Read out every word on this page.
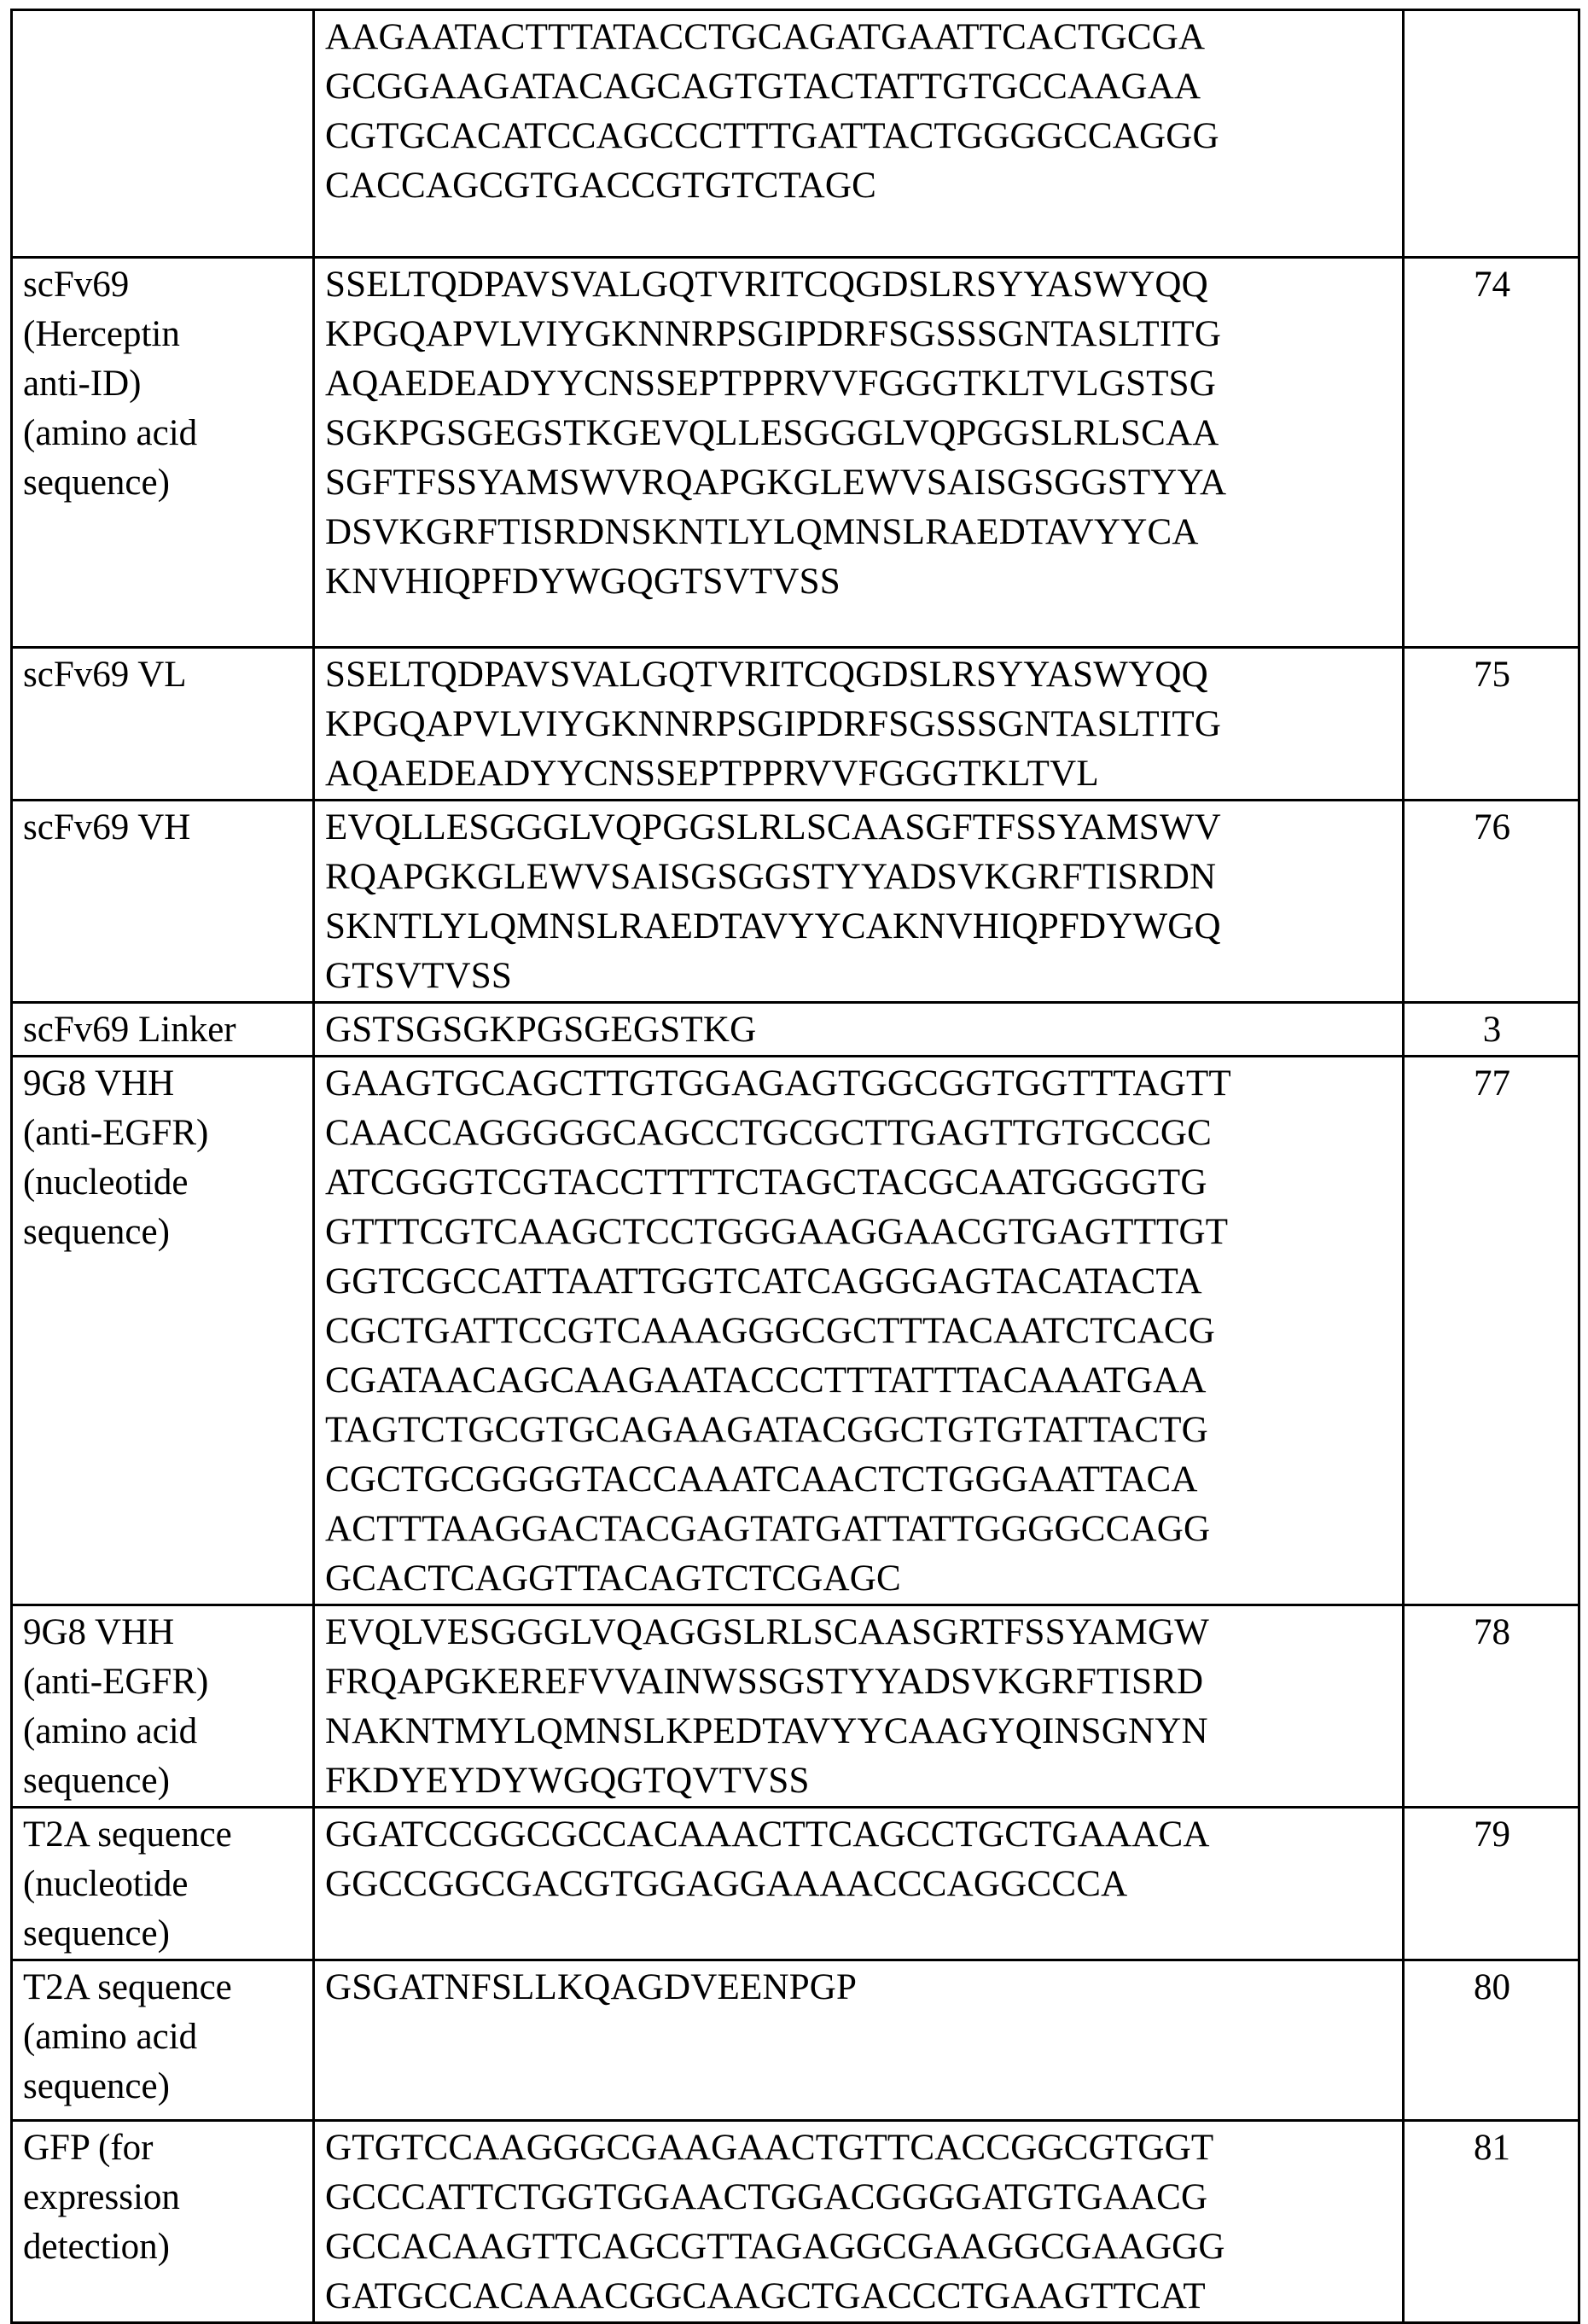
	AAGAATACTTTATACCTGCAGATGAATTCACTGCGA
GCGGAAGATACAGCAGTGTACTATTGTGCCAAGAA
CGTGCACATCCAGCCCTTTGATTACTGGGGCCAGGG
CACCAGCGTGACCGTGTCTAGC	
scFv69
(Herceptin
anti-ID)
(amino acid
sequence)	SSELTQDPAVSVALGQTVRITCQGDSLRSYYASWYQQ
KPGQAPVLVIYGKNNRPSGIPDRFSGSSSGNTASLTITG
AQAEDEADYYCNSSEPTPPRVVFGGGTKLTVLGSTSG
SGKPGSGEGSTKGEVQLLESGGGLVQPGGSLRLSCAA
SGFTFSSYAMSWVRQAPGKGLEWVSAISGSGGSTYYA
DSVKGRFTISRDNSKNTLYLQMNSLRAEDTAVYYCA
KNVHIQPFDYWGQGTSVTVSS	74
scFv69 VL	SSELTQDPAVSVALGQTVRITCQGDSLRSYYASWYQQ
KPGQAPVLVIYGKNNRPSGIPDRFSGSSSGNTASLTITG
AQAEDEADYYCNSSEPTPPRVVFGGGTKLTVL	75
scFv69 VH	EVQLLESGGGLVQPGGSLRLSCAASGFTFSSYAMSWV
RQAPGKGLEWVSAISGSGGSTYYADSVKGRFTISRDN
SKNTLYLQMNSLRAEDTAVYYCAKNVHIQPFDYWGQ
GTSVTVSS	76
scFv69 Linker	GSTSGSGKPGSGEGSTKG	3
9G8 VHH
(anti-EGFR)
(nucleotide
sequence)	GAAGTGCAGCTTGTGGAGAGTGGCGGTGGTTTAGTT
CAACCAGGGGGCAGCCTGCGCTTGAGTTGTGCCGC
ATCGGGTCGTACCTTTTCTAGCTACGCAATGGGGTG
GTTTCGTCAAGCTCCTGGGAAGGAACGTGAGTTTGT
GGTCGCCATTAATTGGTCATCAGGGAGTACATACTA
CGCTGATTCCGTCAAAGGGCGCTTTACAATCTCACG
CGATAACAGCAAGAATACCCTTTATTTACAAATGAA
TAGTCTGCGTGCAGAAGATACGGCTGTGTATTACTG
CGCTGCGGGGTACCAAATCAACTCTGGGAATTACA
ACTTTAAGGACTACGAGTATGATTATTGGGGCCAGG
GCACTCAGGTTACAGTCTCGAGC	77
9G8 VHH
(anti-EGFR)
(amino acid
sequence)	EVQLVESGGGLVQAGGSLRLSCAASGRTFSSYAMGW
FRQAPGKEREFVVAINWSSGSTYYADSVKGRFTISRD
NAKNTMYLQMNSLKPEDTAVYYCAAGYQINSGNYN
FKDYEYDYWGQGTQVTVSS	78
T2A sequence
(nucleotide
sequence)	GGATCCGGCGCCACAAACTTCAGCCTGCTGAAACA
GGCCGGCGACGTGGAGGAAAACCCAGGCCCA	79
T2A sequence
(amino acid
sequence)	GSGATNFSLLKQAGDVEENPGP	80
GFP (for
expression
detection)	GTGTCCAAGGGCGAAGAACTGTTCACCGGCGTGGT
GCCCATTCTGGTGGAACTGGACGGGGATGTGAACG
GCCACAAGTTCAGCGTTAGAGGCGAAGGCGAAGGG
GATGCCACAAACGGCAAGCTGACCCTGAAGTTCAT	81
